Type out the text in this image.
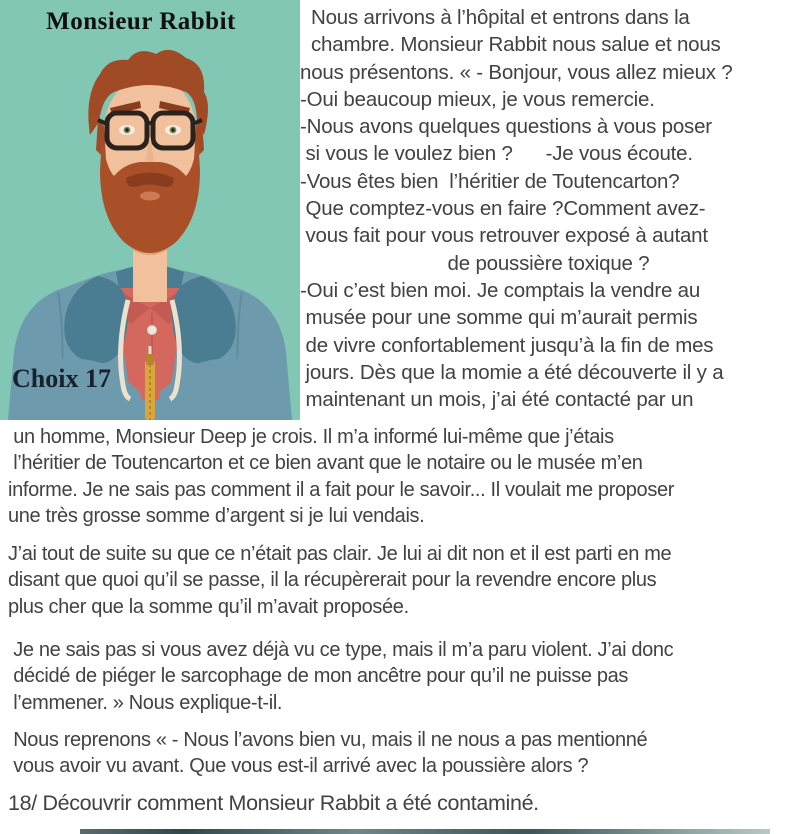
Monsieur Rabbit
Choix 17
Nous arrivons à l’hôpital et entrons dans la
chambre. Monsieur Rabbit nous salue et nous
nous présentons. « - Bonjour, vous allez mieux ?
-Oui beaucoup mieux, je vous remercie.
-Nous avons quelques questions à vous poser
si vous le voulez bien ?      -Je vous écoute.
-Vous êtes bien  l’héritier de Toutencarton?
Que comptez-vous en faire ?Comment avez-
vous fait pour vous retrouver exposé à autant
de poussière toxique ?
-Oui c’est bien moi. Je comptais la vendre au
musée pour une somme qui m’aurait permis
de vivre confortablement jusqu’à la fin de mes
jours. Dès que la momie a été découverte il y a
maintenant un mois, j’ai été contacté par un
un homme, Monsieur Deep je crois. Il m’a informé lui-même que j’étais
l’héritier de Toutencarton et ce bien avant que le notaire ou le musée m’en
informe. Je ne sais pas comment il a fait pour le savoir... Il voulait me proposer
une très grosse somme d’argent si je lui vendais.
J’ai tout de suite su que ce n’était pas clair. Je lui ai dit non et il est parti en me
disant que quoi qu’il se passe, il la récupèrerait pour la revendre encore plus
plus cher que la somme qu’il m’avait proposée.
Je ne sais pas si vous avez déjà vu ce type, mais il m’a paru violent. J’ai donc
décidé de piéger le sarcophage de mon ancêtre pour qu’il ne puisse pas
l’emmener. » Nous explique-t-il.
Nous reprenons « - Nous l’avons bien vu, mais il ne nous a pas mentionné
vous avoir vu avant. Que vous est-il arrivé avec la poussière alors ?
18/ Découvrir comment Monsieur Rabbit a été contaminé.
